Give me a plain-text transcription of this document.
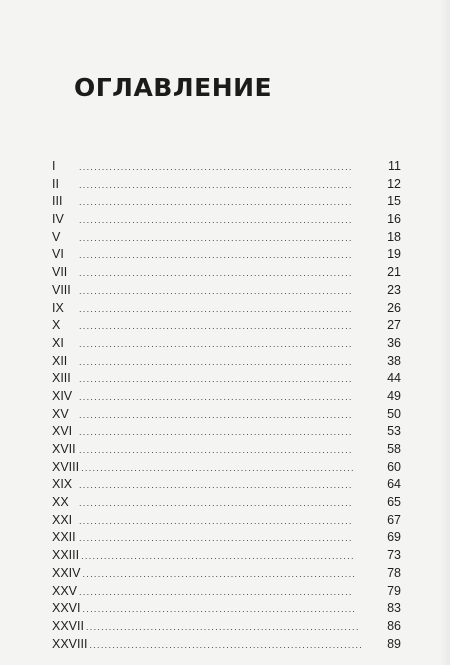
ОГЛАВЛЕНИЕ
I . . .	11
II . . .	12
III . . .	15
IV . . .	16
V . . .	18
VI . . .	19
VII . . .	21
VIII . . .	23
IX . . .	26
X . . .	27
XI . . .	36
XII . . .	38
XIII . . .	44
XIV . . .	49
XV . . .	50
XVI . . .	53
XVII . . .	58
XVIII . . .	60
XIX . . .	64
XX . . .	65
XXI . . .	67
XXII . . .	69
XXIII . . .	73
XXIV . . .	78
XXV . . .	79
XXVI . . .	83
XXVII . . .	86
XXVIII . . .	89
